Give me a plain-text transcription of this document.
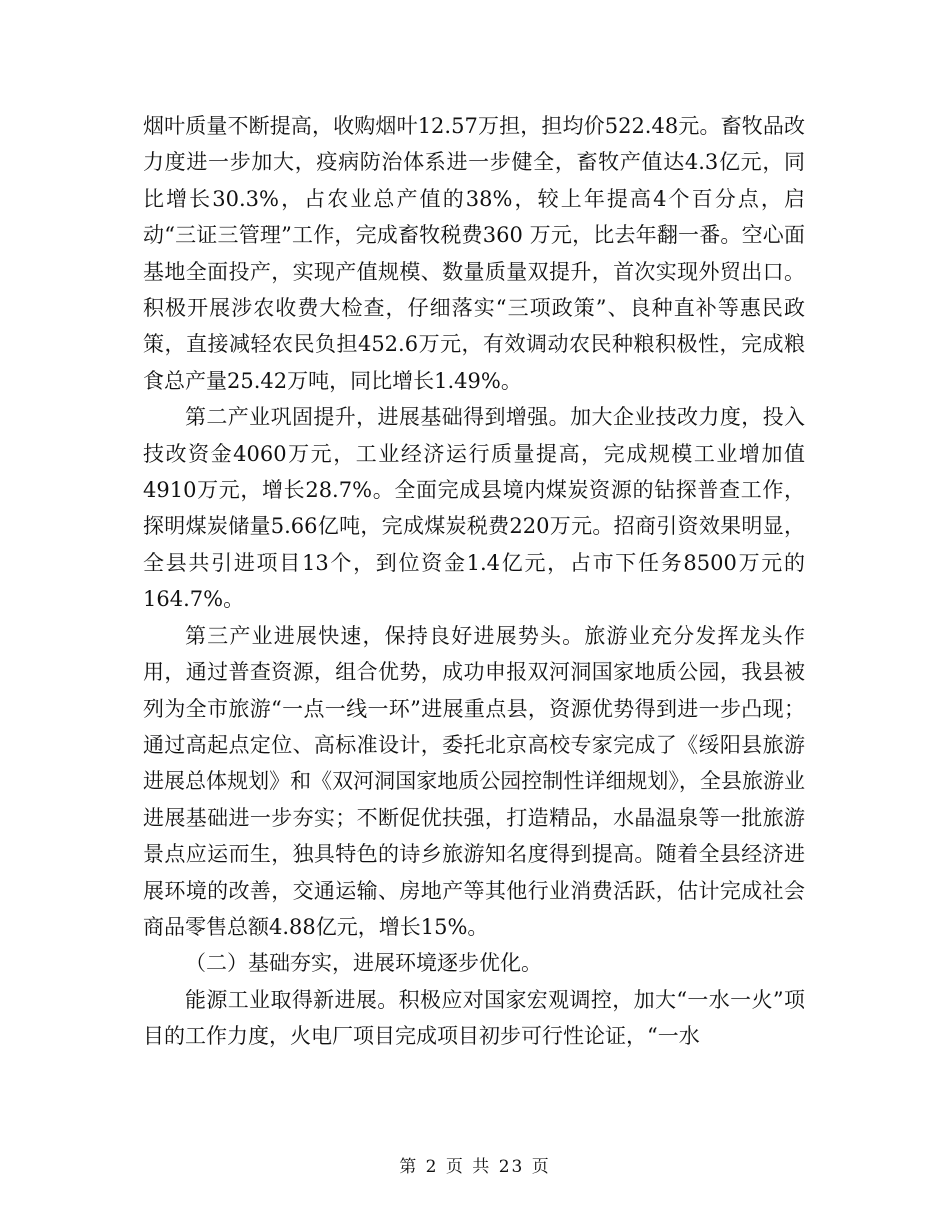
烟叶质量不断提高，收购烟叶12.57万担，担均价522.48元。畜牧品改力度进一步加大，疫病防治体系进一步健全，畜牧产值达4.3亿元，同比增长30.3%，占农业总产值的38%，较上年提高4个百分点，启动“三证三管理”工作，完成畜牧税费360 万元，比去年翻一番。空心面基地全面投产，实现产值规模、数量质量双提升，首次实现外贸出口。积极开展涉农收费大检查，仔细落实“三项政策”、良种直补等惠民政策，直接减轻农民负担452.6万元，有效调动农民种粮积极性，完成粮食总产量25.42万吨，同比增长1.49%。

第二产业巩固提升，进展基础得到增强。加大企业技改力度，投入技改资金4060万元，工业经济运行质量提高，完成规模工业增加值4910万元，增长28.7%。全面完成县境内煤炭资源的钻探普查工作，探明煤炭储量5.66亿吨，完成煤炭税费220万元。招商引资效果明显，全县共引进项目13个，到位资金1.4亿元，占市下任务8500万元的164.7%。

第三产业进展快速，保持良好进展势头。旅游业充分发挥龙头作用，通过普查资源，组合优势，成功申报双河洞国家地质公园，我县被列为全市旅游“一点一线一环”进展重点县，资源优势得到进一步凸现；通过高起点定位、高标准设计，委托北京高校专家完成了《绥阳县旅游进展总体规划》和《双河洞国家地质公园控制性详细规划》，全县旅游业进展基础进一步夯实；不断促优扶强，打造精品，水晶温泉等一批旅游景点应运而生，独具特色的诗乡旅游知名度得到提高。随着全县经济进展环境的改善，交通运输、房地产等其他行业消费活跃，估计完成社会商品零售总额4.88亿元，增长15%。

（二）基础夯实，进展环境逐步优化。

能源工业取得新进展。积极应对国家宏观调控，加大“一水一火”项目的工作力度，火电厂项目完成项目初步可行性论证，“一水

第 2 页 共 23 页
